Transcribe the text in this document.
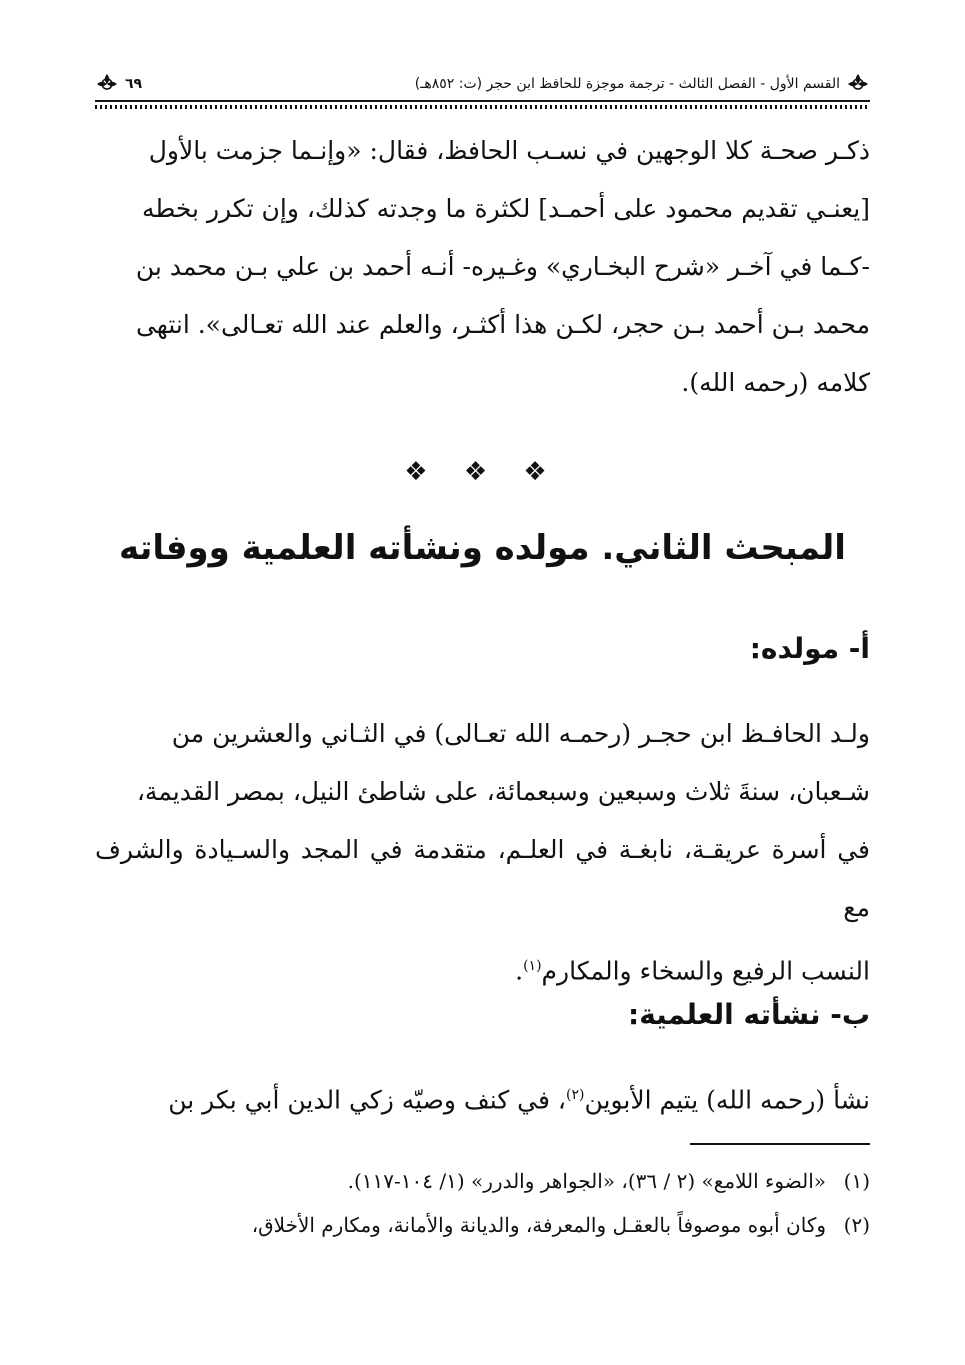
القسم الأول - الفصل الثالث - ترجمة موجزة للحافظ ابن حجر (ت: ٨٥٢هـ)
٦٩

ذكـر صحـة كلا الوجهين في نسـب الحافظ، فقال: «وإنـما جزمت بالأول

[يعنـي تقديم محمود على أحمـد] لكثرة ما وجدته كذلك، وإن تكرر بخطه

-كـما في آخـر «شرح البخـاري» وغـيره- أنـه أحمد بن علي بـن محمد بن

محمد بـن أحمد بـن حجر، لكـن هذا أكثـر، والعلم عند الله تعـالى». انتهى

كلامه (رحمه الله).

❖ ❖ ❖
المبحث الثاني. مولده ونشأته العلمية ووفاته
أ- مولده:

ولـد الحافـظ ابن حجـر (رحمـه الله تعـالى) في الثـاني والعشرين من

شـعبان، سنةَ ثلاث وسبعين وسبعمائة، على شاطئ النيل، بمصر القديمة،

في أسرة عريقـة، نابغـة في العلـم، متقدمة في المجد والسـيادة والشرف مع

النسب الرفيع والسخاء والمكارم$^{(١)}$.

ب- نشأته العلمية:

نشأ (رحمه الله) يتيم الأبوين$^{(٢)}$، في كنف وصيّه زكي الدين أبي بكر بن

(١)
«الضوء اللامع» (٢ / ٣٦)، «الجواهر والدرر» (١/ ١٠٤-١١٧).
(٢)
وكان أبوه موصوفاً بالعقـل والمعرفة، والديانة والأمانة، ومكارم الأخلاق،
